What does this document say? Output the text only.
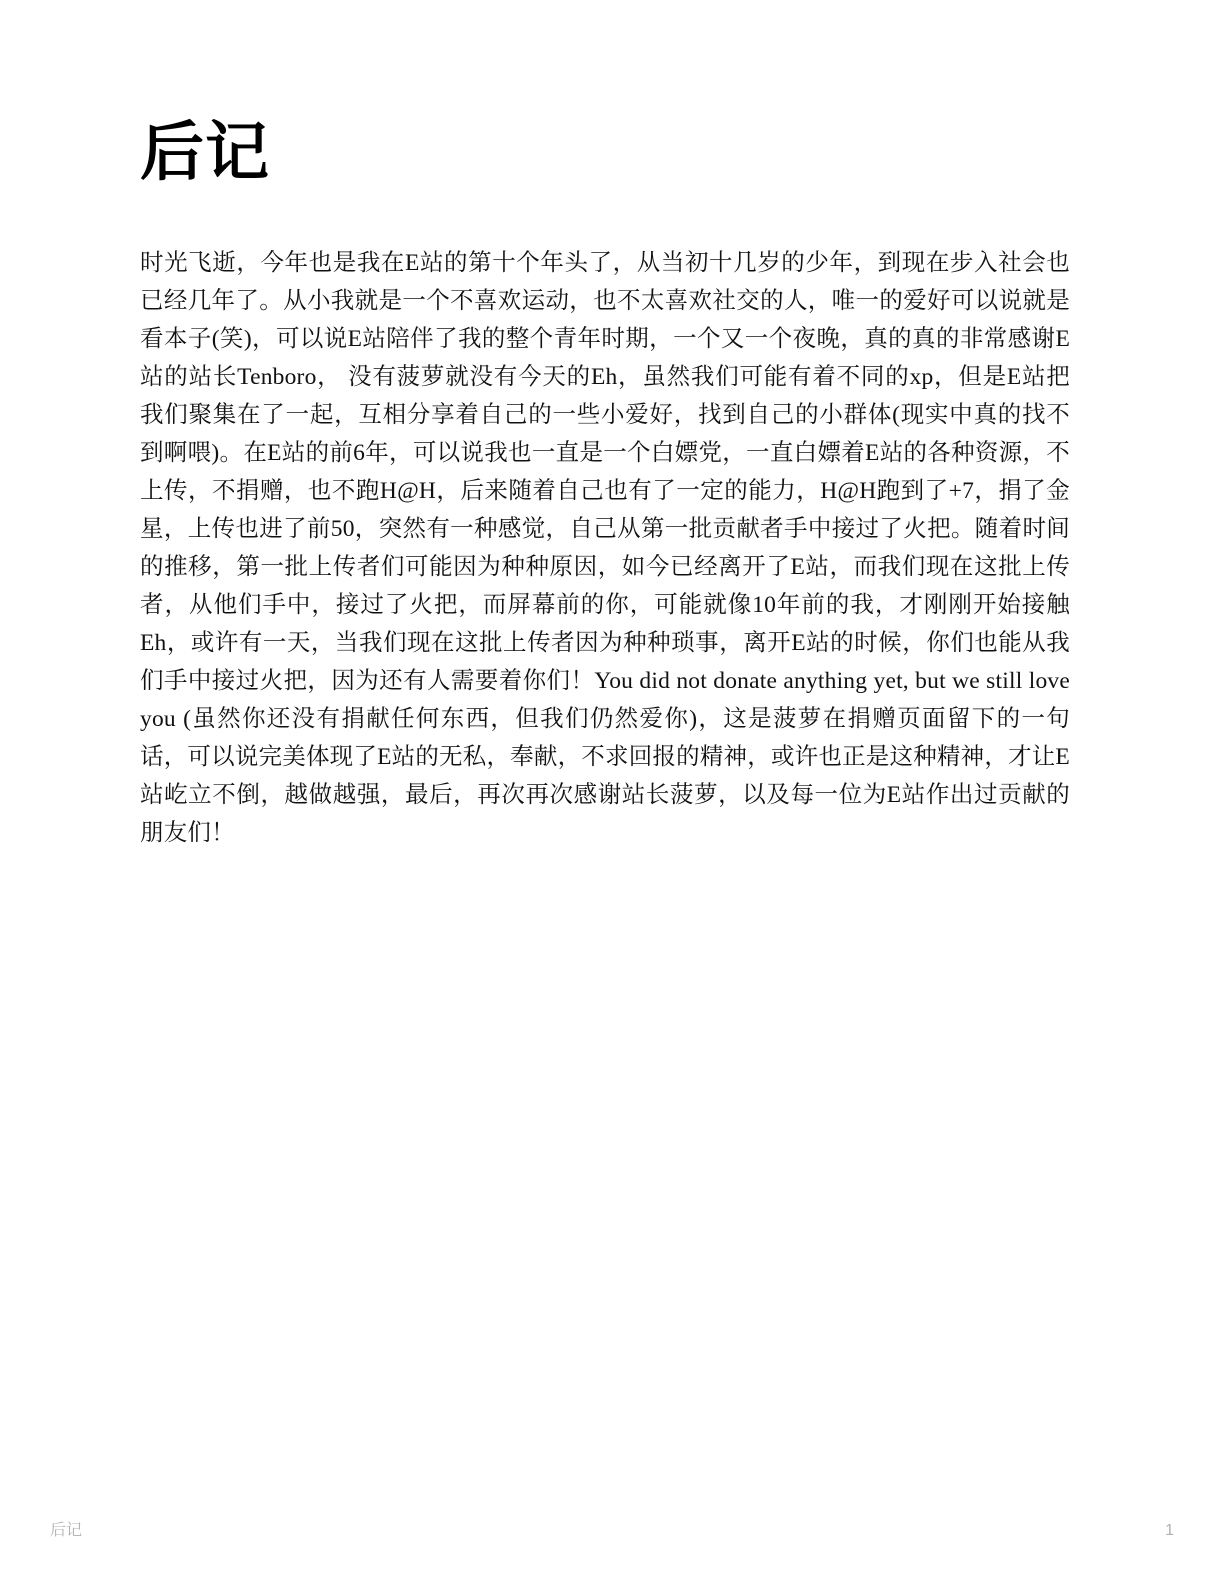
后记

时光飞逝，今年也是我在E站的第十个年头了，从当初十几岁的少年，到现在步入社会也已经几年了。从小我就是一个不喜欢运动，也不太喜欢社交的人，唯一的爱好可以说就是看本子(笑)，可以说E站陪伴了我的整个青年时期，一个又一个夜晚，真的真的非常感谢E站的站长Tenboro， 没有菠萝就没有今天的Eh，虽然我们可能有着不同的xp，但是E站把我们聚集在了一起，互相分享着自己的一些小爱好，找到自己的小群体(现实中真的找不到啊喂)。在E站的前6年，可以说我也一直是一个白嫖党，一直白嫖着E站的各种资源，不上传，不捐赠，也不跑H@H，后来随着自己也有了一定的能力，H@H跑到了+7，捐了金星，上传也进了前50，突然有一种感觉，自己从第一批贡献者手中接过了火把。随着时间的推移，第一批上传者们可能因为种种原因，如今已经离开了E站，而我们现在这批上传者，从他们手中，接过了火把，而屏幕前的你，可能就像10年前的我，才刚刚开始接触Eh，或许有一天，当我们现在这批上传者因为种种琐事，离开E站的时候，你们也能从我们手中接过火把，因为还有人需要着你们！You did not donate anything yet, but we still love you (虽然你还没有捐献任何东西，但我们仍然爱你)，这是菠萝在捐赠页面留下的一句话，可以说完美体现了E站的无私，奉献，不求回报的精神，或许也正是这种精神，才让E站屹立不倒，越做越强，最后，再次再次感谢站长菠萝，以及每一位为E站作出过贡献的朋友们！

后记	1
